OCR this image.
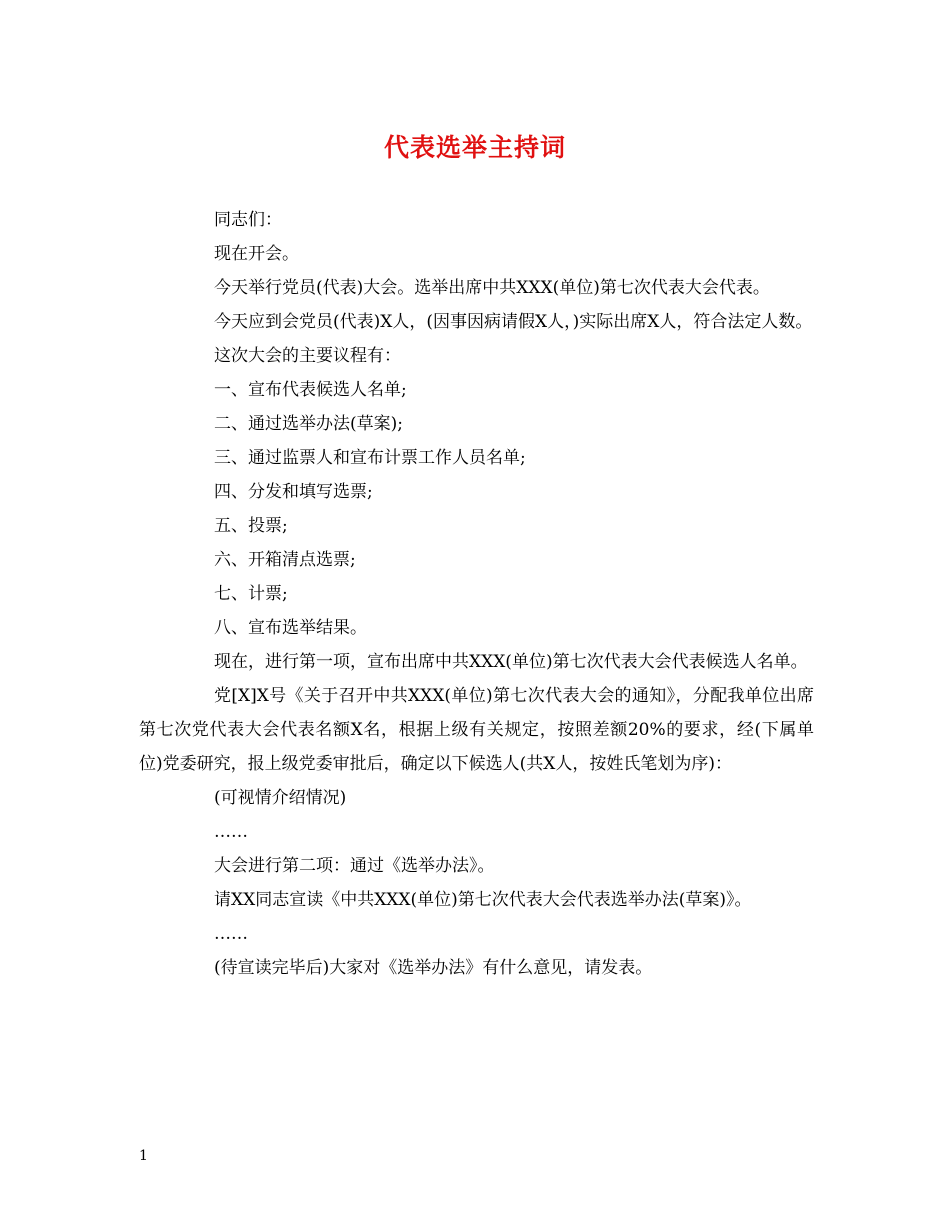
代表选举主持词

同志们：

现在开会。

今天举行党员(代表)大会。选举出席中共XXX(单位)第七次代表大会代表。

今天应到会党员(代表)X人，(因事因病请假X人，)实际出席X人，符合法定人数。

这次大会的主要议程有：

一、宣布代表候选人名单;

二、通过选举办法(草案);

三、通过监票人和宣布计票工作人员名单;

四、分发和填写选票;

五、投票;

六、开箱清点选票;

七、计票;

八、宣布选举结果。

现在，进行第一项，宣布出席中共XXX(单位)第七次代表大会代表候选人名单。

党[X]X号《关于召开中共XXX(单位)第七次代表大会的通知》，分配我单位出席第七次党代表大会代表名额X名，根据上级有关规定，按照差额20%的要求，经(下属单位)党委研究，报上级党委审批后，确定以下候选人(共X人，按姓氏笔划为序)：

(可视情介绍情况)

……

大会进行第二项：通过《选举办法》。

请XX同志宣读《中共XXX(单位)第七次代表大会代表选举办法(草案)》。

……

(待宣读完毕后)大家对《选举办法》有什么意见，请发表。

1
